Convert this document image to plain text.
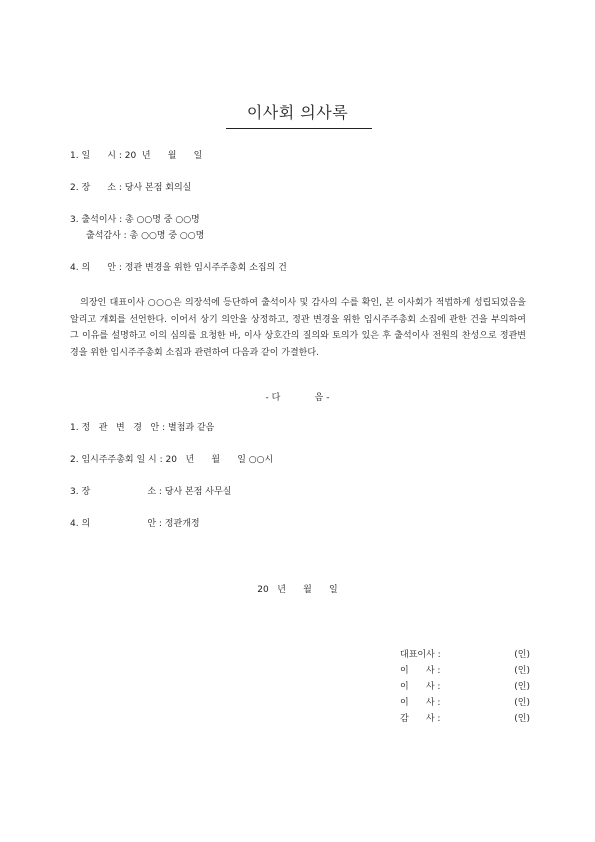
이사회 의사록
1. 일      시 : 20  년      월      일
2. 장      소 : 당사 본점 회의실
3. 출석이사 : 총 ○○명 중 ○○명
출석감사 : 총 ○○명 중 ○○명
4. 의      안 : 정관 변경을 위한 임시주주총회 소집의 건
의장인 대표이사 ○○○은 의장석에 등단하여 출석이사 및 감사의 수를 확인, 본 이사회가 적법하게 성립되었음을 알리고 개회를 선언한다. 이어서 상기 의안을 상정하고, 정관 변경을 위한 임시주주총회 소집에 관한 건을 부의하여 그 이유를 설명하고 이의 심의를 요청한 바, 이사 상호간의 질의와 토의가 있은 후 출석이사 전원의 찬성으로 정관변경을 위한 임시주주총회 소집과 관련하여 다음과 같이 가결한다.
- 다            음 -
1. 정   관   변   경   안 : 별첨과 같음
2. 임시주주총회 일 시 : 20   년      월      일 ○○시
3. 장                    소 : 당사 본점 사무실
4. 의                    안 : 정관개정
20   년      월      일
대표이사 :	(인)
이      사 :	(인)
이      사 :	(인)
이      사 :	(인)
감      사 :	(인)
